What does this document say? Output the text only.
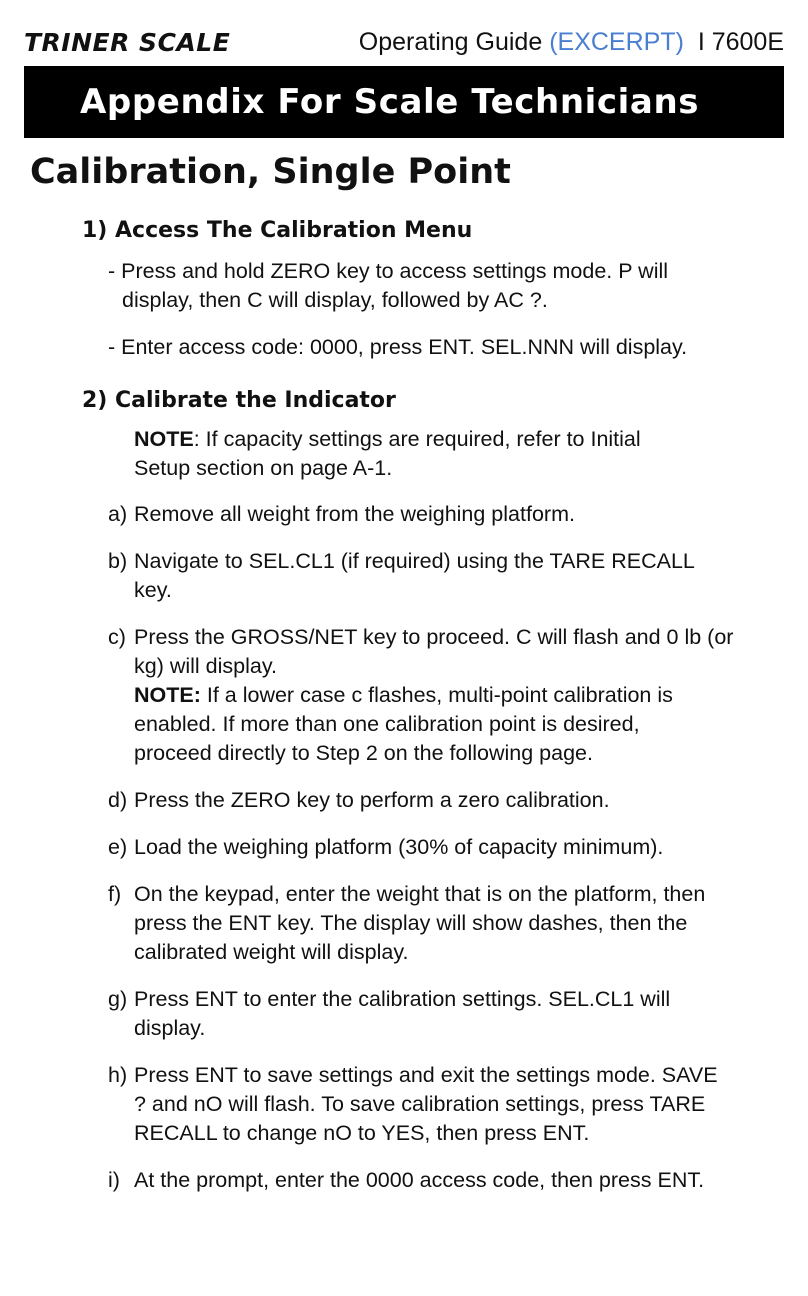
TRINER SCALE	Operating Guide (EXCERPT)  I 7600E
Appendix For Scale Technicians
Calibration, Single Point
1) Access The Calibration Menu
- Press and hold ZERO key to access settings mode. P will display, then C will display, followed by AC ?.
- Enter access code: 0000, press ENT. SEL.NNN will display.
2) Calibrate the Indicator
NOTE: If capacity settings are required, refer to Initial Setup section on page A-1.
a) Remove all weight from the weighing platform.
b) Navigate to SEL.CL1 (if required) using the TARE RECALL key.
c) Press the GROSS/NET key to proceed. C will flash and 0 lb (or kg) will display.
NOTE: If a lower case c flashes, multi-point calibration is enabled. If more than one calibration point is desired, proceed directly to Step 2 on the following page.
d) Press the ZERO key to perform a zero calibration.
e) Load the weighing platform (30% of capacity minimum).
f) On the keypad, enter the weight that is on the platform, then press the ENT key. The display will show dashes, then the calibrated weight will display.
g) Press ENT to enter the calibration settings. SEL.CL1 will display.
h) Press ENT to save settings and exit the settings mode. SAVE ? and nO will flash. To save calibration settings, press TARE RECALL to change nO to YES, then press ENT.
i) At the prompt, enter the 0000 access code, then press ENT.
